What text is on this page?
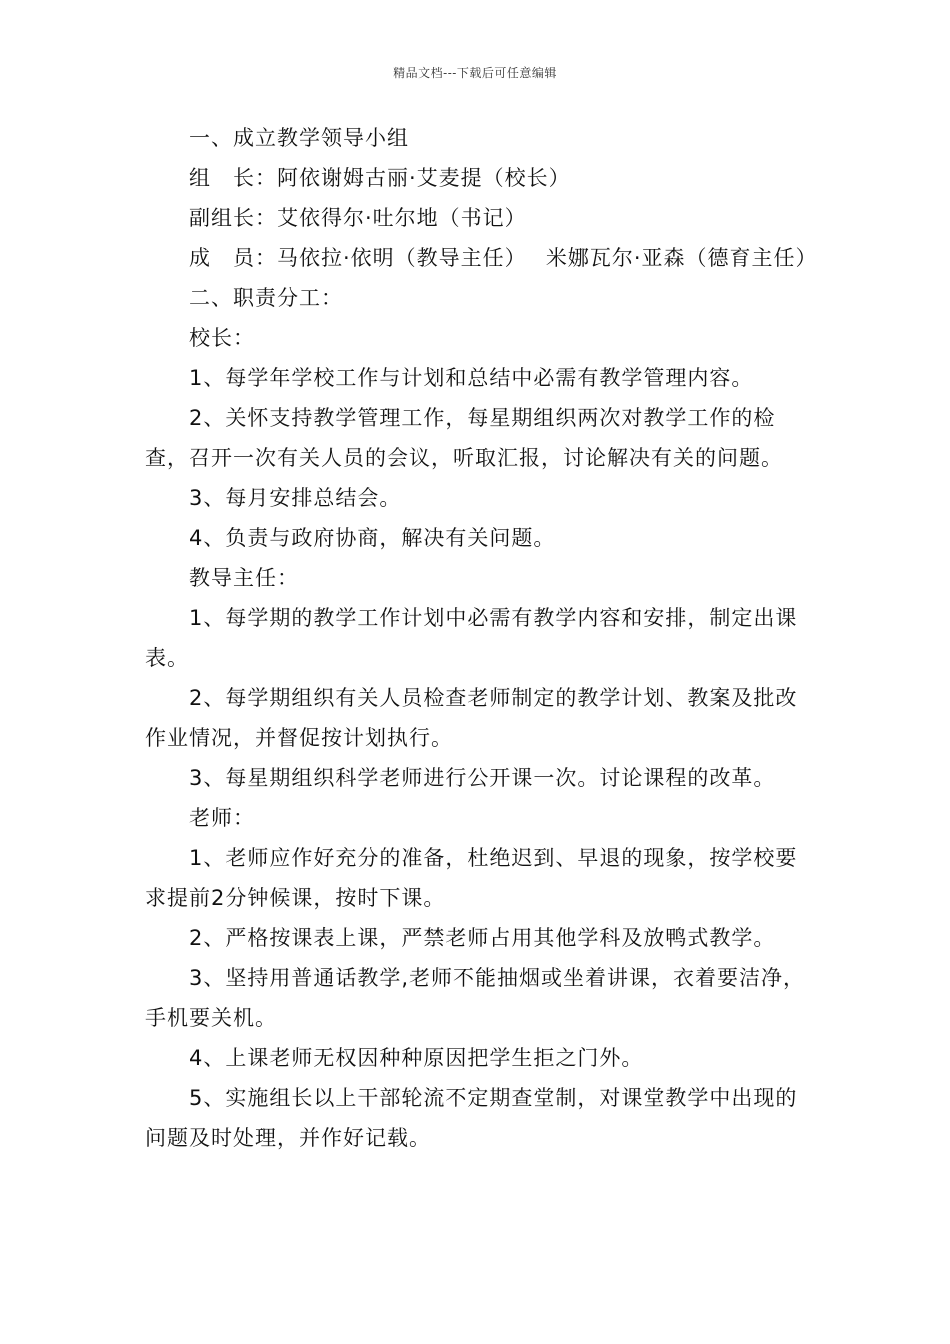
精品文档---下载后可任意编辑

一、成立教学领导小组

组　长：阿依谢姆古丽·艾麦提（校长）

副组长：艾依得尔·吐尔地（书记）

成　员：马依拉·依明（教导主任）　 米娜瓦尔·亚森（德育主任）

二、职责分工：

校长：

1、每学年学校工作与计划和总结中必需有教学管理内容。

2、关怀支持教学管理工作，每星期组织两次对教学工作的检查，召开一次有关人员的会议，听取汇报，讨论解决有关的问题。

3、每月安排总结会。

4、负责与政府协商，解决有关问题。

教导主任：

1、每学期的教学工作计划中必需有教学内容和安排，制定出课表。

2、每学期组织有关人员检查老师制定的教学计划、教案及批改作业情况，并督促按计划执行。

3、每星期组织科学老师进行公开课一次。讨论课程的改革。

老师：

1、老师应作好充分的准备，杜绝迟到、早退的现象，按学校要求提前2分钟候课，按时下课。

2、严格按课表上课，严禁老师占用其他学科及放鸭式教学。

3、坚持用普通话教学,老师不能抽烟或坐着讲课，衣着要洁净，手机要关机。

4、上课老师无权因种种原因把学生拒之门外。

5、实施组长以上干部轮流不定期查堂制，对课堂教学中出现的问题及时处理，并作好记载。
